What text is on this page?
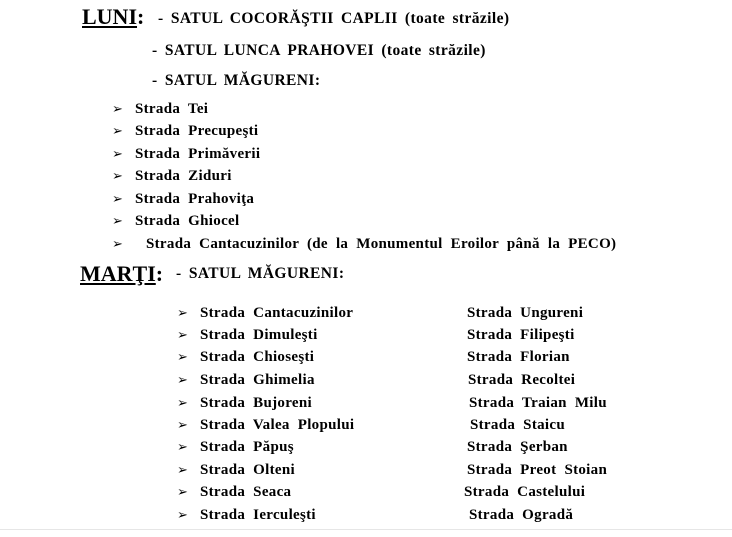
LUNI: - SATUL COCORĂŞTII CAPLII (toate străzile)
- SATUL LUNCA PRAHOVEI (toate străzile)
- SATUL MĂGURENI:
➢ Strada Tei
➢ Strada Precupeşti
➢ Strada Primăverii
➢ Strada Ziduri
➢ Strada Prahoviţa
➢ Strada Ghiocel
➢ Strada Cantacuzinilor (de la Monumentul Eroilor până la PECO)
MARŢI: - SATUL MĂGURENI:
➢ Strada Cantacuzinilor
➢ Strada Dimuleşti
➢ Strada Chioseşti
➢ Strada Ghimelia
➢ Strada Bujoreni
➢ Strada Valea Plopului
➢ Strada Păpuş
➢ Strada Olteni
➢ Strada Seaca
➢ Strada Ierculeşti
Strada Ungureni
Strada Filipeşti
Strada Florian
Strada Recoltei
Strada Traian Milu
Strada Staicu
Strada Şerban
Strada Preot Stoian
Strada Castelului
Strada Ogradă
